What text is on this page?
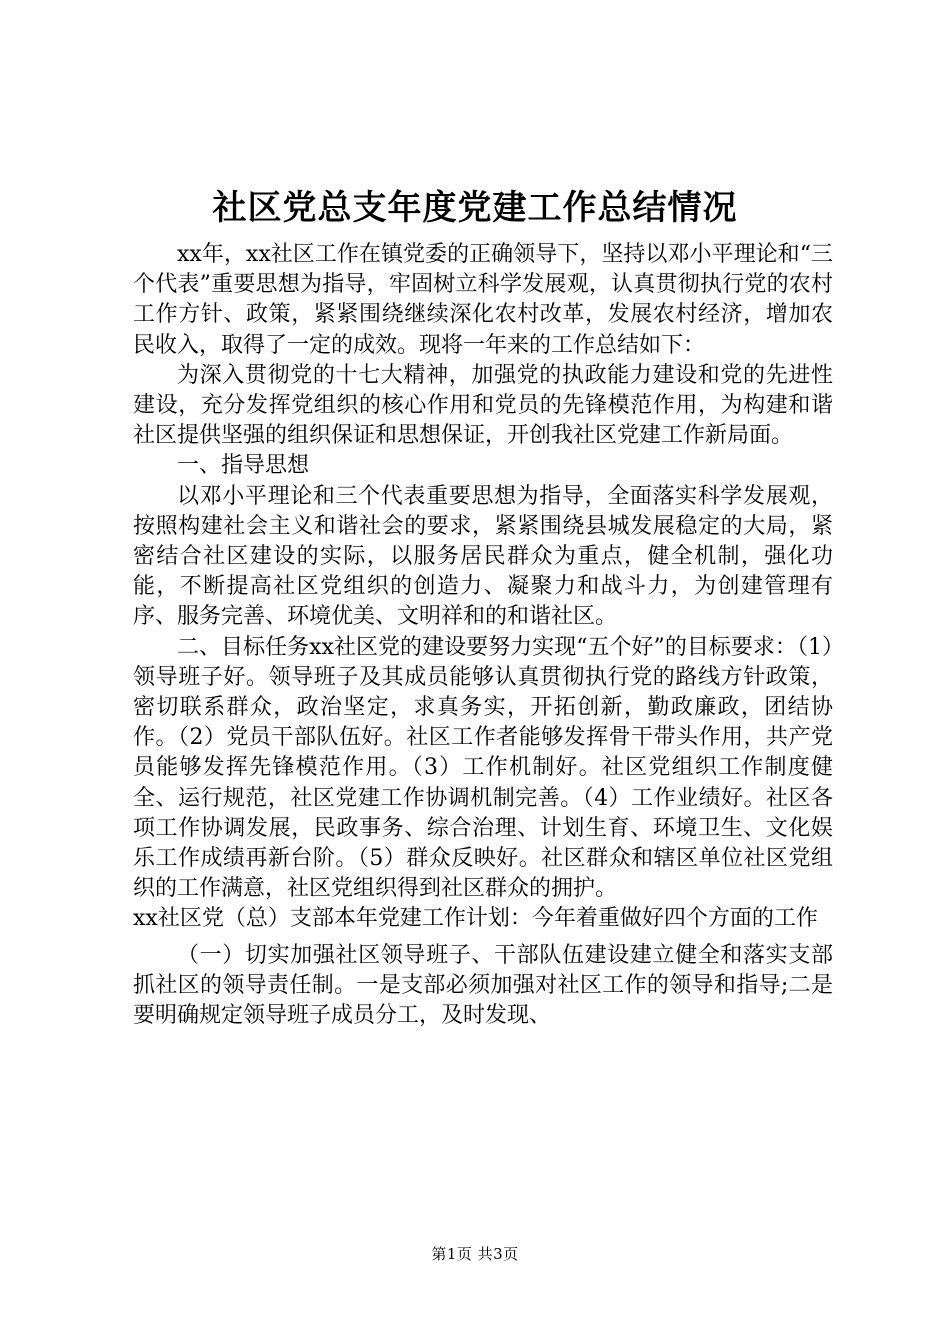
社区党总支年度党建工作总结情况

xx年，xx社区工作在镇党委的正确领导下，坚持以邓小平理论和“三个代表”重要思想为指导，牢固树立科学发展观，认真贯彻执行党的农村工作方针、政策，紧紧围绕继续深化农村改革，发展农村经济，增加农民收入，取得了一定的成效。现将一年来的工作总结如下：

为深入贯彻党的十七大精神，加强党的执政能力建设和党的先进性建设，充分发挥党组织的核心作用和党员的先锋模范作用，为构建和谐社区提供坚强的组织保证和思想保证，开创我社区党建工作新局面。

一、指导思想

以邓小平理论和三个代表重要思想为指导，全面落实科学发展观，按照构建社会主义和谐社会的要求，紧紧围绕县城发展稳定的大局，紧密结合社区建设的实际，以服务居民群众为重点，健全机制，强化功能，不断提高社区党组织的创造力、凝聚力和战斗力，为创建管理有序、服务完善、环境优美、文明祥和的和谐社区。

二、目标任务xx社区党的建设要努力实现“五个好”的目标要求：（1）领导班子好。领导班子及其成员能够认真贯彻执行党的路线方针政策，密切联系群众，政治坚定，求真务实，开拓创新，勤政廉政，团结协作。（2）党员干部队伍好。社区工作者能够发挥骨干带头作用，共产党员能够发挥先锋模范作用。（3）工作机制好。社区党组织工作制度健全、运行规范，社区党建工作协调机制完善。（4）工作业绩好。社区各项工作协调发展，民政事务、综合治理、计划生育、环境卫生、文化娱乐工作成绩再新台阶。（5）群众反映好。社区群众和辖区单位社区党组织的工作满意，社区党组织得到社区群众的拥护。

xx社区党（总）支部本年党建工作计划：今年着重做好四个方面的工作

（一）切实加强社区领导班子、干部队伍建设建立健全和落实支部抓社区的领导责任制。一是支部必须加强对社区工作的领导和指导;二是要明确规定领导班子成员分工，及时发现、

第1页 共3页
